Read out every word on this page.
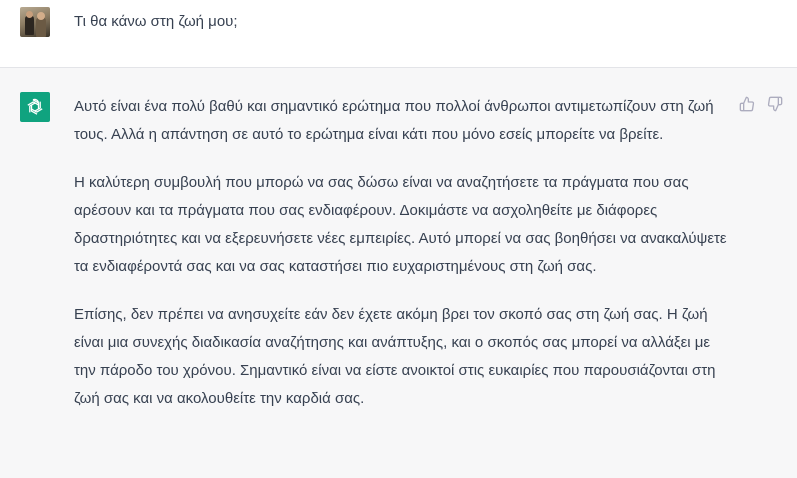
Τι θα κάνω στη ζωή μου;

Αυτό είναι ένα πολύ βαθύ και σημαντικό ερώτημα που πολλοί άνθρωποι αντιμετωπίζουν στη ζωή τους. Αλλά η απάντηση σε αυτό το ερώτημα είναι κάτι που μόνο εσείς μπορείτε να βρείτε.

Η καλύτερη συμβουλή που μπορώ να σας δώσω είναι να αναζητήσετε τα πράγματα που σας αρέσουν και τα πράγματα που σας ενδιαφέρουν. Δοκιμάστε να ασχοληθείτε με διάφορες δραστηριότητες και να εξερευνήσετε νέες εμπειρίες. Αυτό μπορεί να σας βοηθήσει να ανακαλύψετε τα ενδιαφέροντά σας και να σας καταστήσει πιο ευχαριστημένους στη ζωή σας.

Επίσης, δεν πρέπει να ανησυχείτε εάν δεν έχετε ακόμη βρει τον σκοπό σας στη ζωή σας. Η ζωή είναι μια συνεχής διαδικασία αναζήτησης και ανάπτυξης, και ο σκοπός σας μπορεί να αλλάξει με την πάροδο του χρόνου. Σημαντικό είναι να είστε ανοικτοί στις ευκαιρίες που παρουσιάζονται στη ζωή σας και να ακολουθείτε την καρδιά σας.
